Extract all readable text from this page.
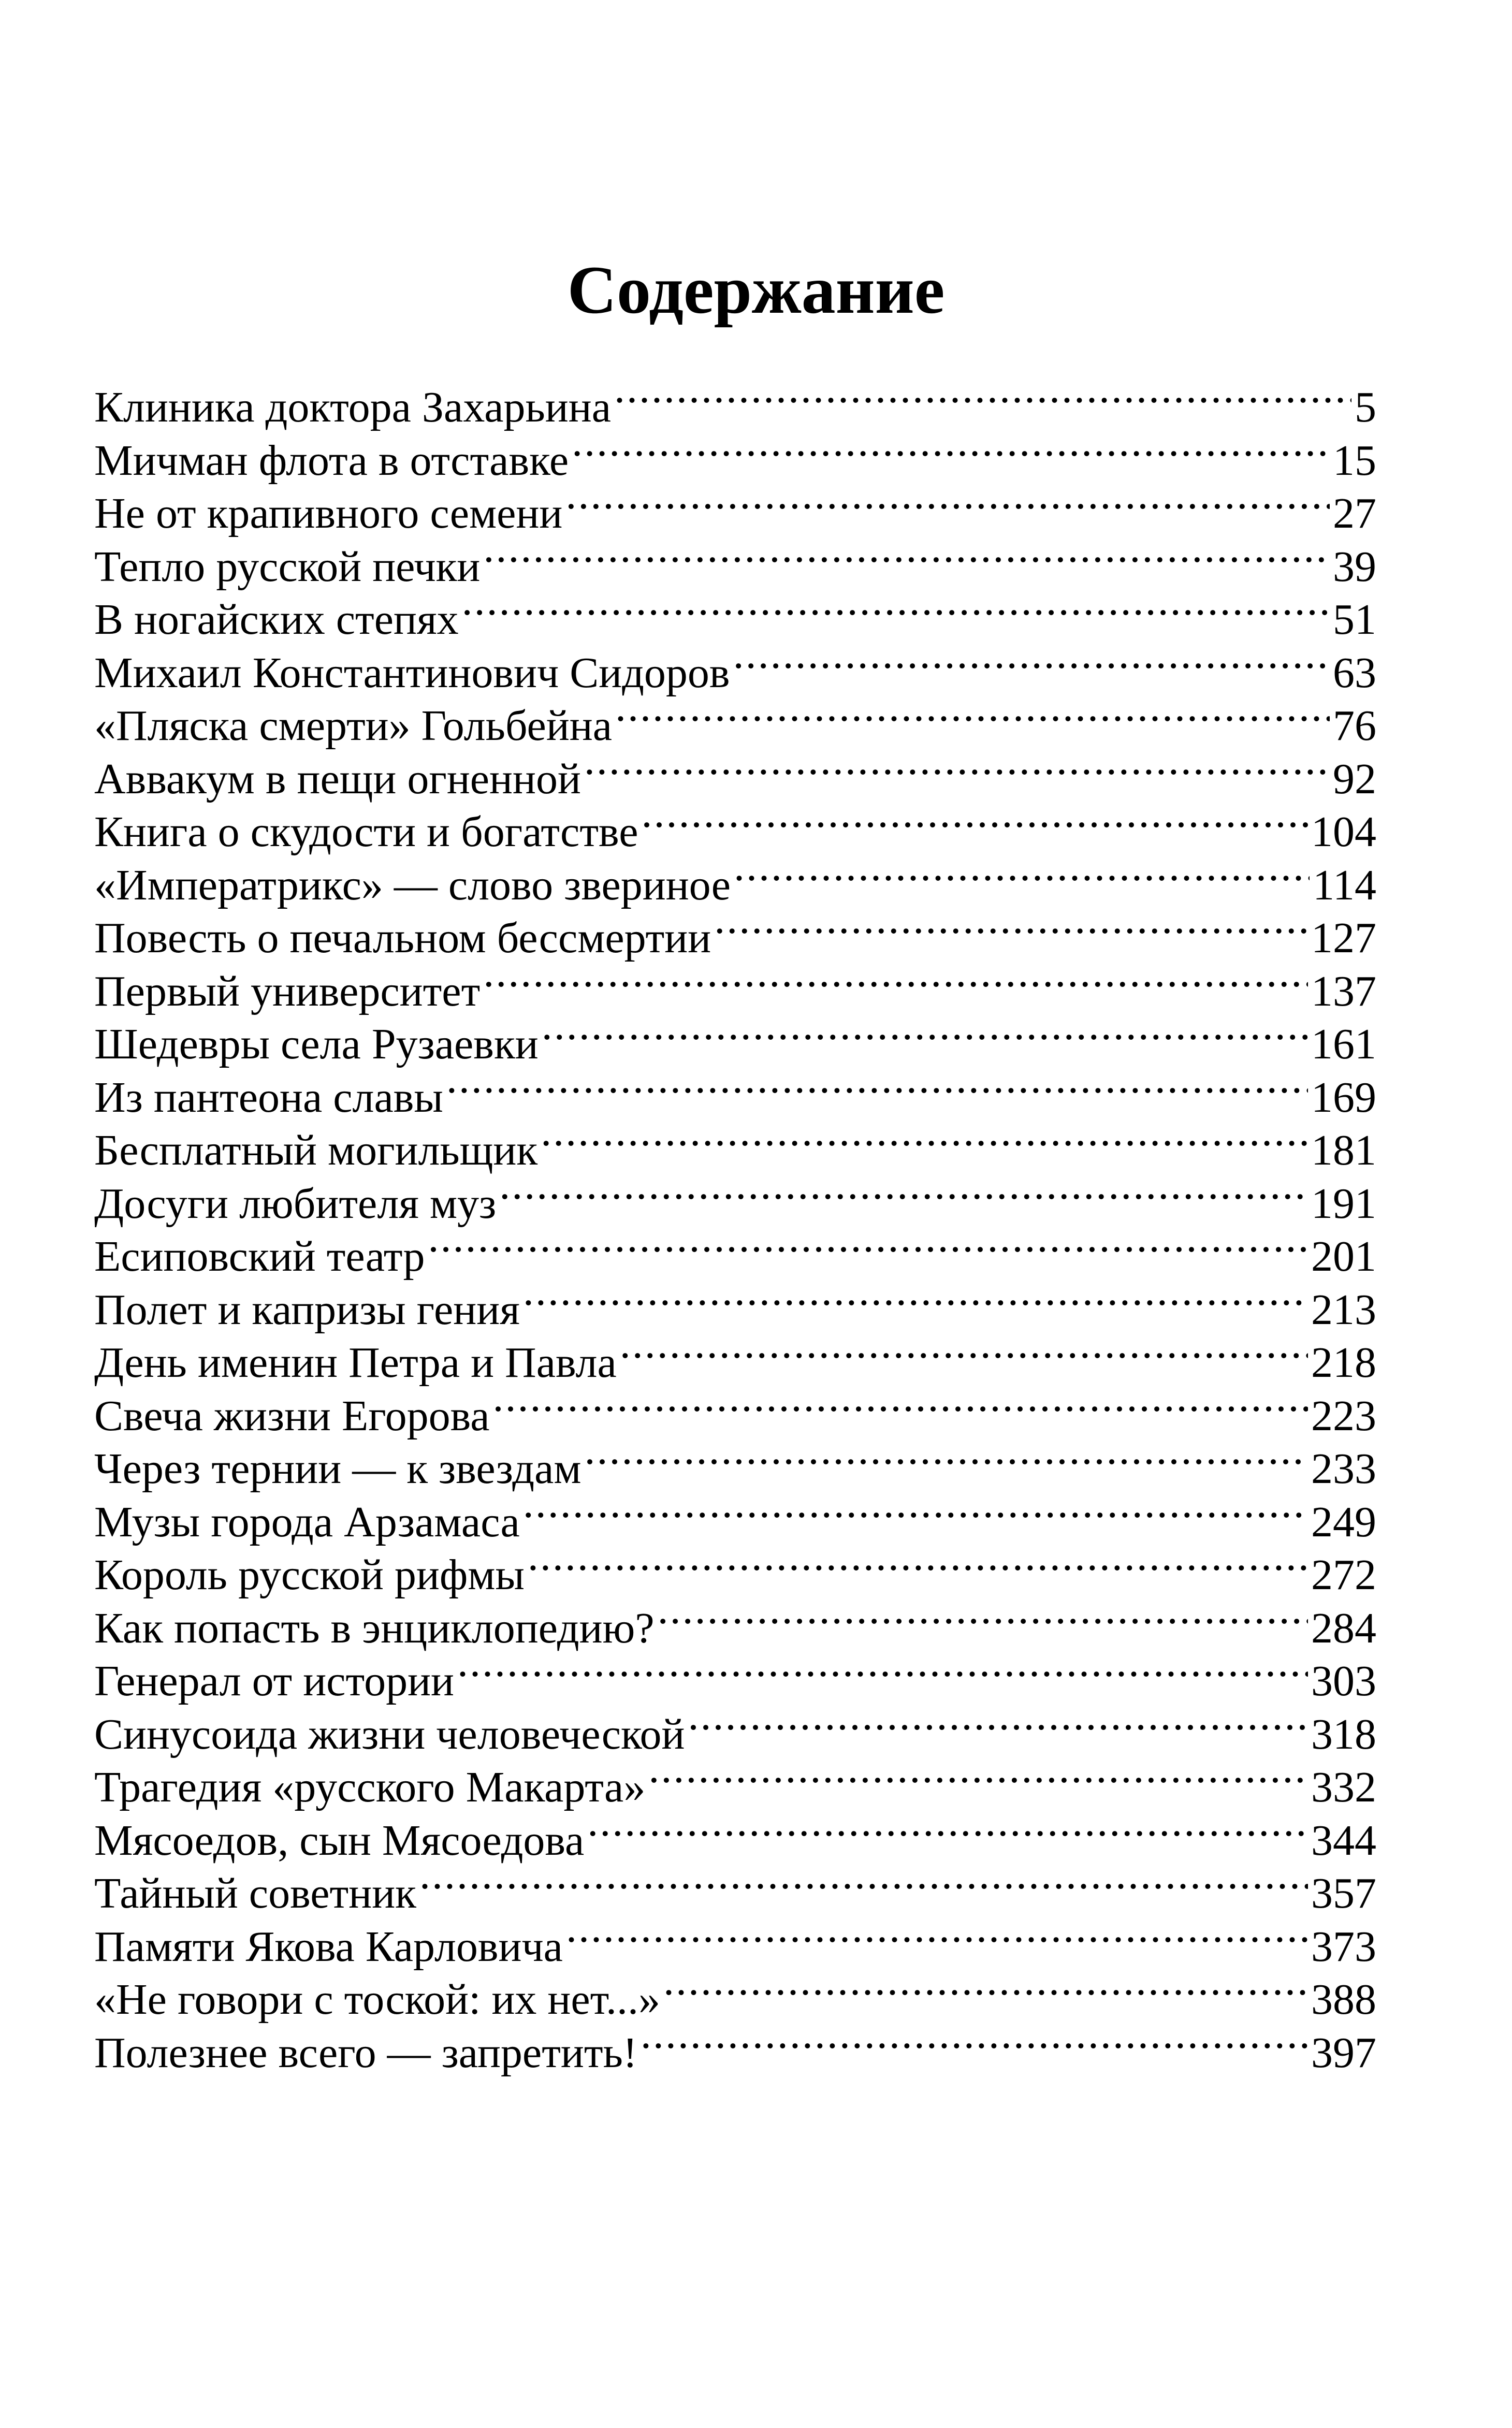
Содержание
Клиника доктора Захарьина .....	5
Мичман флота в отставке .....	15
Не от крапивного семени .....	27
Тепло русской печки .....	39
В ногайских степях .....	51
Михаил Константинович Сидоров .....	63
«Пляска смерти» Гольбейна .....	76
Аввакум в пещи огненной .....	92
Книга о скудости и богатстве .....	104
«Императрикс» — слово звериное .....	114
Повесть о печальном бессмертии .....	127
Первый университет .....	137
Шедевры села Рузаевки .....	161
Из пантеона славы .....	169
Бесплатный могильщик .....	181
Досуги любителя муз .....	191
Есиповский театр .....	201
Полет и капризы гения .....	213
День именин Петра и Павла .....	218
Свеча жизни Егорова .....	223
Через тернии — к звездам .....	233
Музы города Арзамаса .....	249
Король русской рифмы .....	272
Как попасть в энциклопедию? .....	284
Генерал от истории .....	303
Синусоида жизни человеческой .....	318
Трагедия «русского Макарта» .....	332
Мясоедов, сын Мясоедова .....	344
Тайный советник .....	357
Памяти Якова Карловича .....	373
«Не говори с тоской: их нет...» .....	388
Полезнее всего — запретить! .....	397
